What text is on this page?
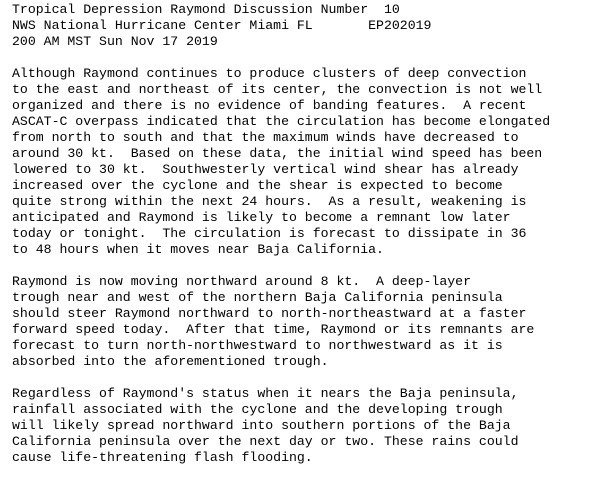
Tropical Depression Raymond Discussion Number  10
NWS National Hurricane Center Miami FL       EP202019
200 AM MST Sun Nov 17 2019
Although Raymond continues to produce clusters of deep convection
to the east and northeast of its center, the convection is not well
organized and there is no evidence of banding features.  A recent
ASCAT-C overpass indicated that the circulation has become elongated
from north to south and that the maximum winds have decreased to
around 30 kt.  Based on these data, the initial wind speed has been
lowered to 30 kt.  Southwesterly vertical wind shear has already
increased over the cyclone and the shear is expected to become
quite strong within the next 24 hours.  As a result, weakening is
anticipated and Raymond is likely to become a remnant low later
today or tonight.  The circulation is forecast to dissipate in 36
to 48 hours when it moves near Baja California.
Raymond is now moving northward around 8 kt.  A deep-layer
trough near and west of the northern Baja California peninsula
should steer Raymond northward to north-northeastward at a faster
forward speed today.  After that time, Raymond or its remnants are
forecast to turn north-northwestward to northwestward as it is
absorbed into the aforementioned trough.
Regardless of Raymond's status when it nears the Baja peninsula,
rainfall associated with the cyclone and the developing trough
will likely spread northward into southern portions of the Baja
California peninsula over the next day or two. These rains could
cause life-threatening flash flooding.
